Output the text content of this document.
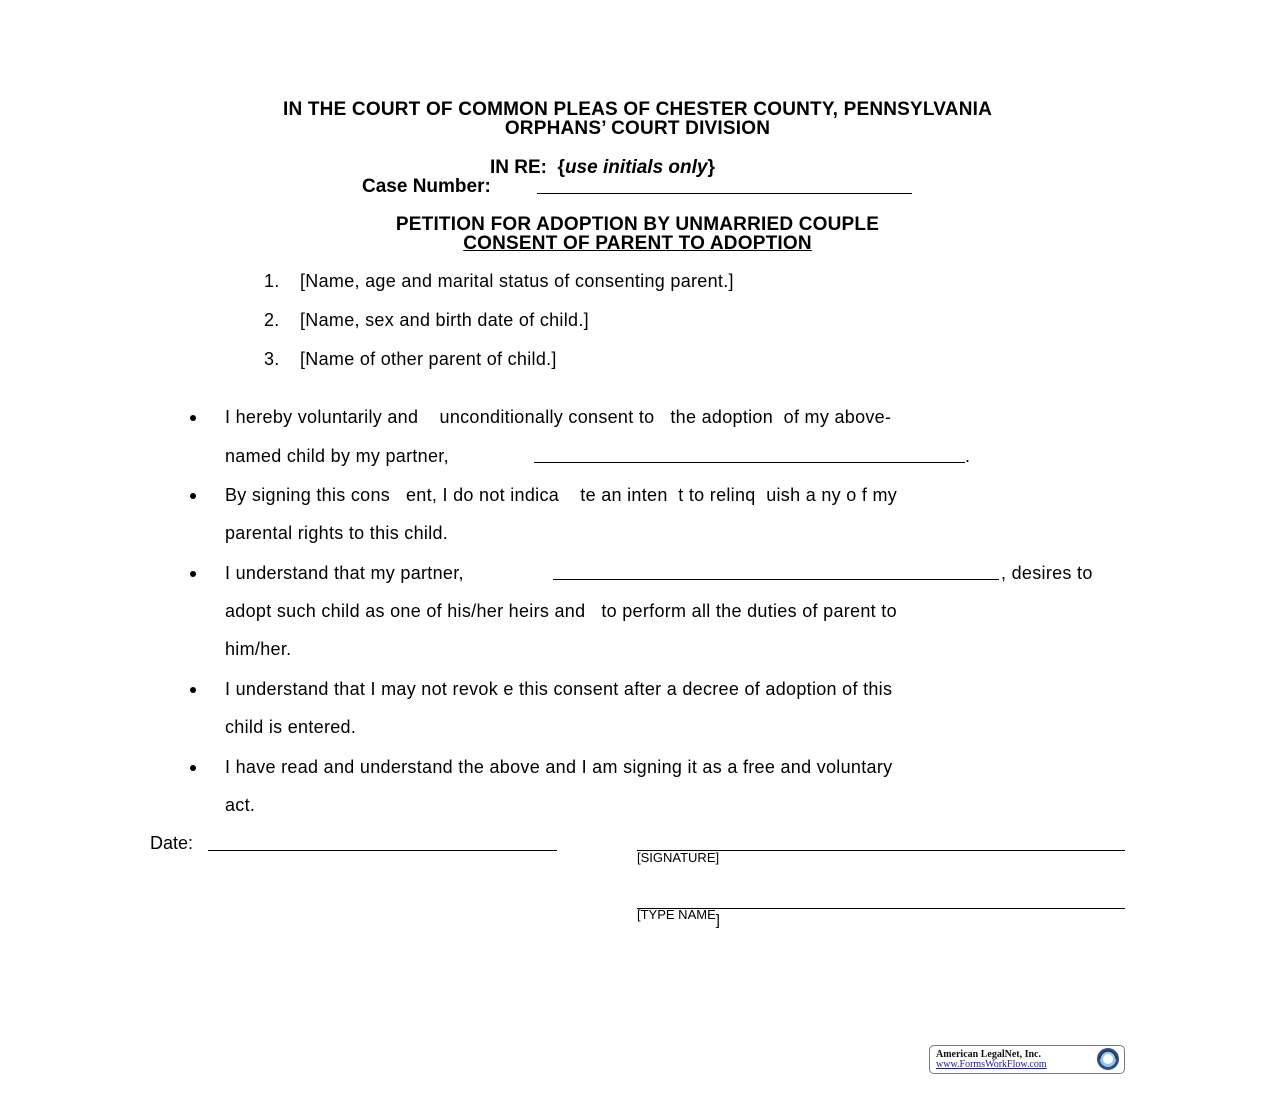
IN THE COURT OF COMMON PLEAS OF CHESTER COUNTY, PENNSYLVANIA
ORPHANS’ COURT DIVISION
IN RE:  {use initials only}
Case Number:
PETITION FOR ADOPTION BY UNMARRIED COUPLE
CONSENT OF PARENT TO ADOPTION
1. [Name, age and marital status of consenting parent.]
2. [Name, sex and birth date of child.]
3. [Name of other parent of child.]
I hereby voluntarily and    unconditionally consent to   the adoption  of my above-
named child by my partner,	.
By signing this cons   ent, I do not indica    te an inten  t to relinq  uish a ny o f my
parental rights to this child.
I understand that my partner,	, desires to
adopt such child as one of his/her heirs and   to perform all the duties of parent to
him/her.
I understand that I may not revok e this consent after a decree of adoption of this
child is entered.
I have read and understand the above and I am signing it as a free and voluntary
act.
Date:
[SIGNATURE]
[TYPE NAME]
American LegalNet, Inc.
www.FormsWorkFlow.com
